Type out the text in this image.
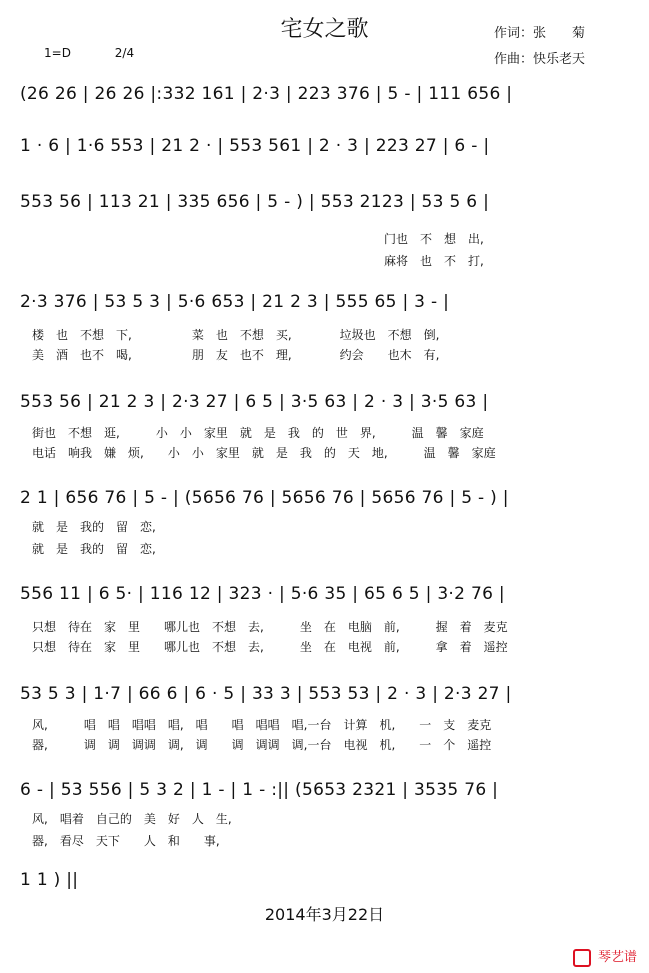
宅女之歌	作词：张　　菊
作曲：快乐老天
1=D	2/4
(26 26 | 26 26 |:332 161 | 2·3 | 223 376 | 5 - | 111 656 |
1 · 6 | 1·6 553 | 21 2 · | 553 561 | 2 · 3 | 223 27 | 6 - |
553 56 | 113 21 | 335 656 | 5 - ) | 553 2123 | 53 5 6 |
门也　不　想　出,
麻将　也　不　打,
2·3 376 | 53 5 3 | 5·6 653 | 21 2 3 | 555 65 | 3 - |
楼　也　不想　下,　　　　　菜　也　不想　买,　　　　垃圾也　不想　倒,
美　酒　也不　喝,　　　　　朋　友　也不　理,　　　　约会　　也木　有,
553 56 | 21 2 3 | 2·3 27 | 6 5 | 3·5 63 | 2 · 3 | 3·5 63 |
街也　不想　逛,　　　小　小　家里　就　是　我　的　世　界,　　　温　馨　家庭
电话　响我　嫌　烦,　　小　小　家里　就　是　我　的　天　地,　　　温　馨　家庭
2 1 | 656 76 | 5 - | (5656 76 | 5656 76 | 5656 76 | 5 - ) |
就　是　我的　留　恋,
就　是　我的　留　恋,
556 11 | 6 5· | 116 12 | 323 · | 5·6 35 | 65 6 5 | 3·2 76 |
只想　待在　家　里　　哪儿也　不想　去,　　　坐　在　电脑　前,　　　握　着　麦克
只想　待在　家　里　　哪儿也　不想　去,　　　坐　在　电视　前,　　　拿　着　遥控
53 5 3 | 1·7 | 66 6 | 6 · 5 | 33 3 | 553 53 | 2 · 3 | 2·3 27 |
风,　　　唱　唱　唱唱　唱,　唱　　唱　唱唱　唱,一台　计算　机,　　一　支　麦克
器,　　　调　调　调调　调,　调　　调　调调　调,一台　电视　机,　　一　个　遥控
6 - | 53 556 | 5 3 2 | 1 - | 1 - :|| (5653 2321 | 3535 76 |
风,　唱着　自己的　美　好　人　生,
器,　看尽　天下　　人　和　　事,
1 1 ) ||
2014年3月22日
琴艺谱
